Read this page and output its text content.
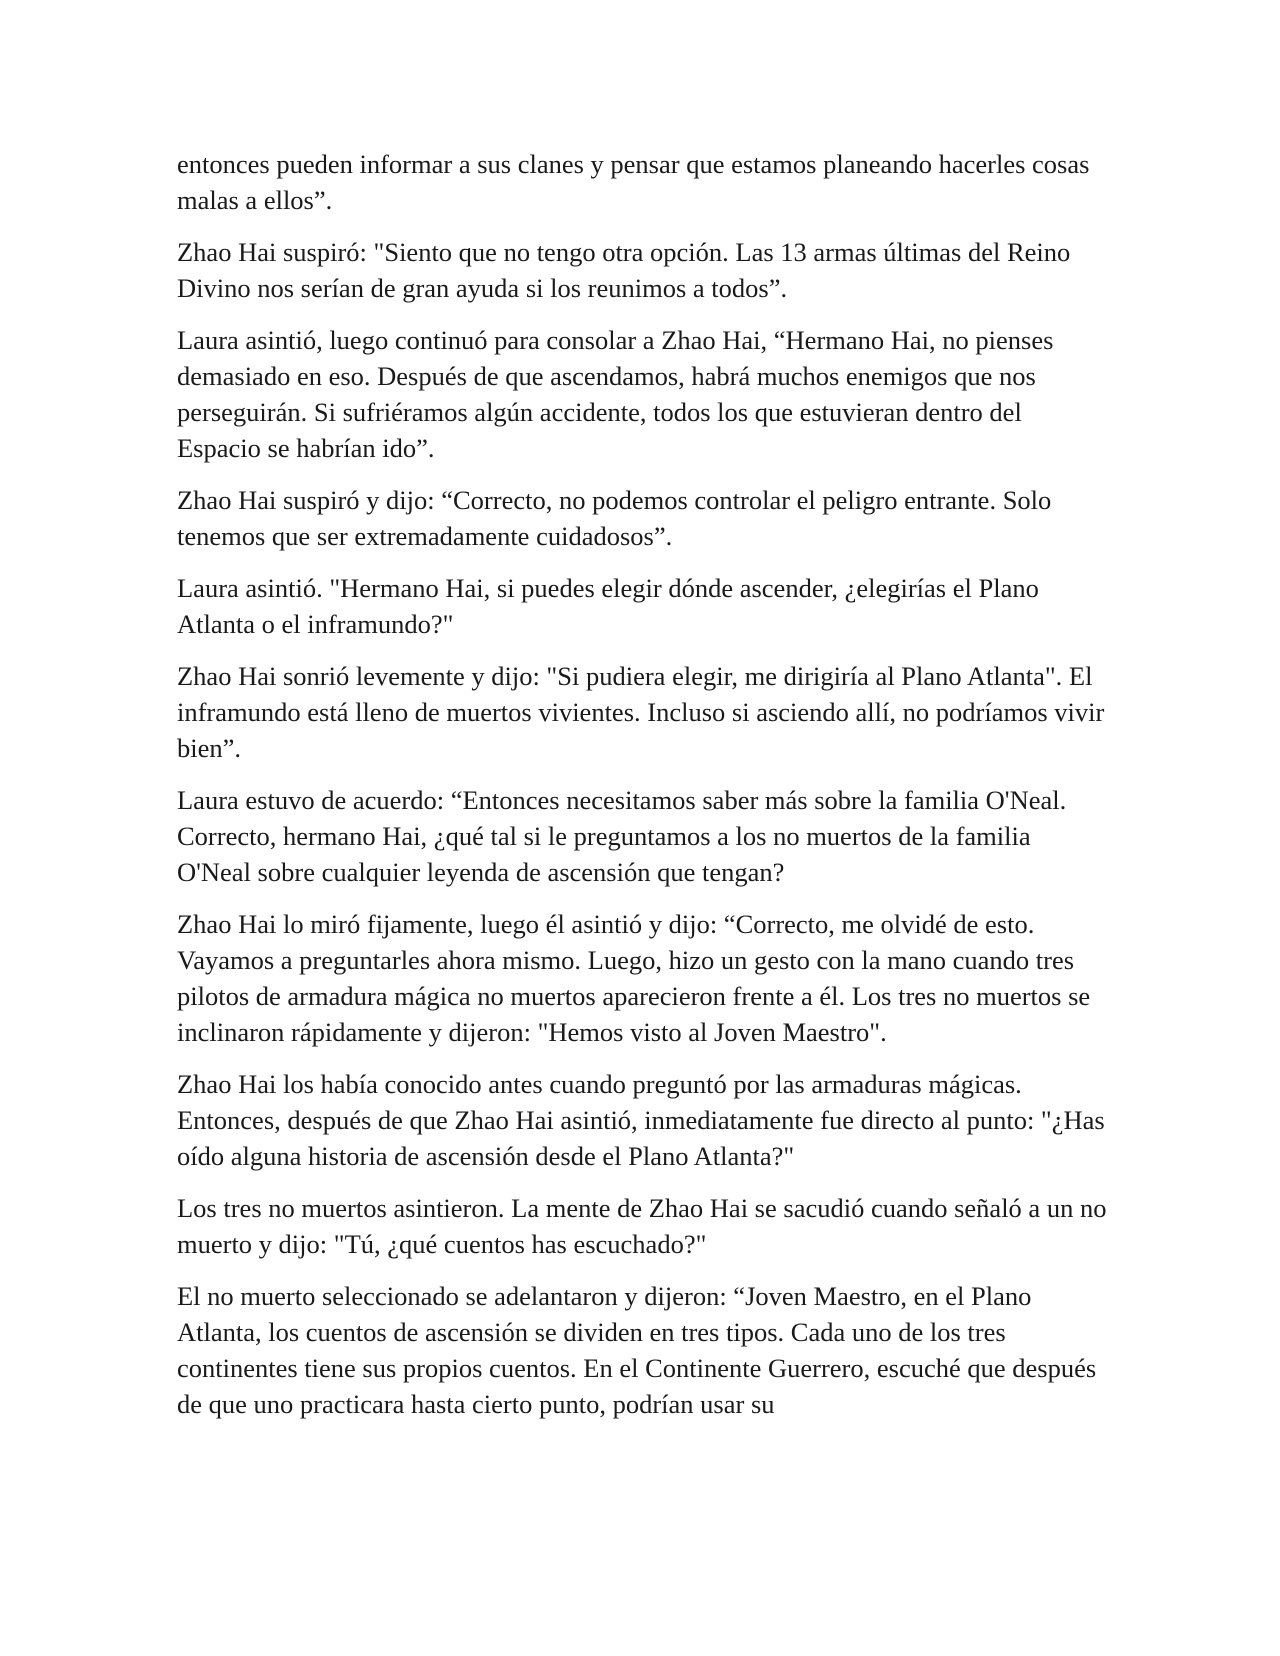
entonces pueden informar a sus clanes y pensar que estamos planeando hacerles cosas malas a ellos”.

Zhao Hai suspiró: "Siento que no tengo otra opción. Las 13 armas últimas del Reino Divino nos serían de gran ayuda si los reunimos a todos”.

Laura asintió, luego continuó para consolar a Zhao Hai, “Hermano Hai, no pienses demasiado en eso. Después de que ascendamos, habrá muchos enemigos que nos perseguirán. Si sufriéramos algún accidente, todos los que estuvieran dentro del Espacio se habrían ido”.

Zhao Hai suspiró y dijo: “Correcto, no podemos controlar el peligro entrante. Solo tenemos que ser extremadamente cuidadosos”.

Laura asintió. "Hermano Hai, si puedes elegir dónde ascender, ¿elegirías el Plano Atlanta o el inframundo?"

Zhao Hai sonrió levemente y dijo: "Si pudiera elegir, me dirigiría al Plano Atlanta". El inframundo está lleno de muertos vivientes. Incluso si asciendo allí, no podríamos vivir bien”.

Laura estuvo de acuerdo: “Entonces necesitamos saber más sobre la familia O'Neal. Correcto, hermano Hai, ¿qué tal si le preguntamos a los no muertos de la familia O'Neal sobre cualquier leyenda de ascensión que tengan?

Zhao Hai lo miró fijamente, luego él asintió y dijo: “Correcto, me olvidé de esto. Vayamos a preguntarles ahora mismo. Luego, hizo un gesto con la mano cuando tres pilotos de armadura mágica no muertos aparecieron frente a él. Los tres no muertos se inclinaron rápidamente y dijeron: "Hemos visto al Joven Maestro".

Zhao Hai los había conocido antes cuando preguntó por las armaduras mágicas. Entonces, después de que Zhao Hai asintió, inmediatamente fue directo al punto: "¿Has oído alguna historia de ascensión desde el Plano Atlanta?"

Los tres no muertos asintieron. La mente de Zhao Hai se sacudió cuando señaló a un no muerto y dijo: "Tú, ¿qué cuentos has escuchado?"

El no muerto seleccionado se adelantaron y dijeron: “Joven Maestro, en el Plano Atlanta, los cuentos de ascensión se dividen en tres tipos. Cada uno de los tres continentes tiene sus propios cuentos. En el Continente Guerrero, escuché que después de que uno practicara hasta cierto punto, podrían usar su
